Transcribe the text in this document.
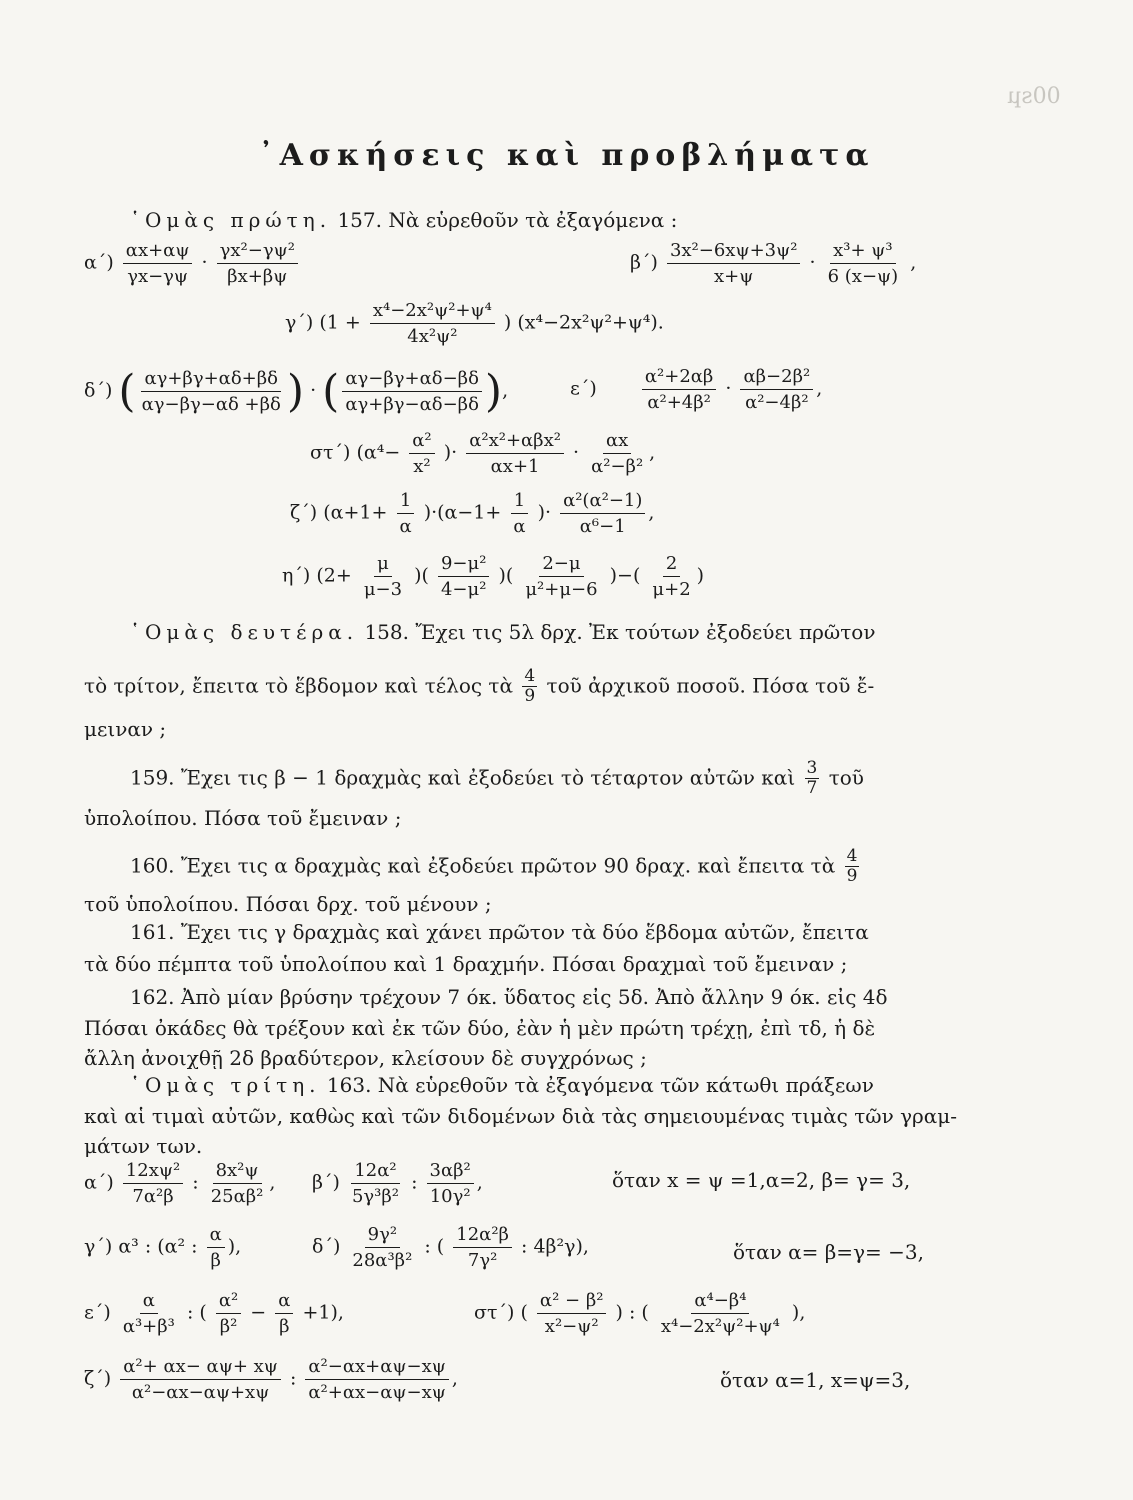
00ѕµ
᾿Ασκήσεις καὶ προβλήματα
῾Ομὰς πρώτη. 157. Νὰ εὑρεθοῦν τὰ ἐξαγόμενα :
$\alpha΄) \frac{\alpha x+\alpha\psi}{\gamma x-\gamma\psi} \cdot \frac{\text{γx²−γψ²}}{\beta x+\beta\psi}$	$\beta΄) \frac{\text{3x²−6xψ+3ψ²}}{x+\psi} \cdot \frac{\text{x³+ ψ³}}{6 (x-\psi)}$ ,
γ΄) ($1 + \frac{\text{x⁴−2x²ψ²+ψ⁴}}{\text{4x²ψ²}}$ ) (x⁴−2x²ψ²+ψ⁴).
δ΄) ( $\frac{\alpha\gamma+\beta\gamma+\alpha\delta+\beta\delta}{\alpha\gamma-\beta\gamma-\alpha\delta +\beta\delta}$ ) · ( $\frac{\alpha\gamma-\beta\gamma+\alpha\delta-\beta\delta}{\alpha\gamma+\beta\gamma-\alpha\delta-\beta\delta}$ ),	ε΄)	$\frac{\text{α²+2αβ}}{\text{α²+4β²}} \cdot \frac{\text{αβ−2β²}}{\text{α²−4β²}}$ ,
στ΄) ($\alpha^4- \frac{\text{α²}}{\text{x²}}$ )· $\frac{\text{α²x²+αβx²}}{\alpha x+1} \cdot \frac{\alpha x}{\text{α²−β²}}$ ,
ζ΄) $(\alpha+1+ \frac{1}{\alpha} )\cdot(\alpha-1+ \frac{1}{\alpha}$ )· $\frac{\text{α²(α²−1)}}{\text{α⁶−1}}$ ,
η΄) ($2+ \frac{\mu}{\mu-3}$ )( $\frac{\text{9−μ²}}{\text{4−μ²}}$ )( $\frac{2-\mu}{\text{μ²+μ−6}}$ )−( $\frac{2}{\mu+2}$ )
῾Ομὰς δευτέρα. 158. Ἔχει τις 5λ δρχ. Ἐκ τούτων ἐξοδεύει πρῶτον
τὸ τρίτον, ἔπειτα τὸ ἕβδομον καὶ τέλος τὰ $\frac{4}{9}$ τοῦ ἀρχικοῦ ποσοῦ. Πόσα τοῦ ἔ-
μειναν ;
159. Ἔχει τις β − 1 δραχμὰς καὶ ἐξοδεύει τὸ τέταρτον αὐτῶν καὶ $\frac{3}{7}$ τοῦ
ὑπολοίπου. Πόσα τοῦ ἔμειναν ;
160. Ἔχει τις α δραχμὰς καὶ ἐξοδεύει πρῶτον 90 δραχ. καὶ ἔπειτα τὰ $\frac{4}{9}$
τοῦ ὑπολοίπου. Πόσαι δρχ. τοῦ μένουν ;
161. Ἔχει τις γ δραχμὰς καὶ χάνει πρῶτον τὰ δύο ἕβδομα αὐτῶν, ἔπειτα
τὰ δύο πέμπτα τοῦ ὑπολοίπου καὶ 1 δραχμήν. Πόσαι δραχμαὶ τοῦ ἔμειναν ;
162. Ἀπὸ μίαν βρύσην τρέχουν 7 όκ. ὕδατος εἰς 5δ. Ἀπὸ ἄλλην 9 όκ. εἰς 4δ
Πόσαι ὀκάδες θὰ τρέξουν καὶ ἐκ τῶν δύο, ἐὰν ἡ μὲν πρώτη τρέχῃ, ἐπὶ τδ, ἡ δὲ
ἄλλη ἀνοιχθῇ 2δ βραδύτερον, κλείσουν δὲ συγχρόνως ;
῾Ομὰς τρίτη. 163. Νὰ εὑρεθοῦν τὰ ἐξαγόμενα τῶν κάτωθι πράξεων
καὶ αἱ τιμαὶ αὐτῶν, καθὼς καὶ τῶν διδομένων διὰ τὰς σημειουμένας τιμὰς τῶν γραμ-
μάτων των.
$\alpha΄) \frac{\text{12xψ²}}{\text{7α²β}}$ : $\frac{\text{8x²ψ}}{\text{25αβ²}}$ , $\beta΄) \frac{\text{12α²}}{\text{5γ³β²}}$ : $\frac{\text{3αβ²}}{\text{10γ²}}$ ,	ὅταν x = ψ =1,α=2, β= γ= 3,
γ΄) α³ : (α² : $\frac{\alpha}{\beta}$ ),	$\delta΄) \frac{\text{9γ²}}{\text{28α³β²}}$ : ( $\frac{\text{12α²β}}{\text{7γ²}}$ : 4β²γ),	ὅταν α= β=γ= −3,
$\varepsilon΄) \frac{\alpha}{\text{α³+β³}}$ : ( $\frac{\text{α²}}{\text{β²}} - \frac{\alpha}{\beta} +1$),	στ΄) ( $\frac{\text{α² − β²}}{\text{x²−ψ²}}$ ) : ( $\frac{\text{α⁴−β⁴}}{\text{x⁴−2x²ψ²+ψ⁴}}$ ),
$\zeta΄) \frac{\text{α²+ αx− αψ+ xψ}}{\text{α²−αx−αψ+xψ}}$ : $\frac{\text{α²−αx+αψ−xψ}}{\text{α²+αx−αψ−xψ}}$ ,	ὅταν α=1, x=ψ=3,
